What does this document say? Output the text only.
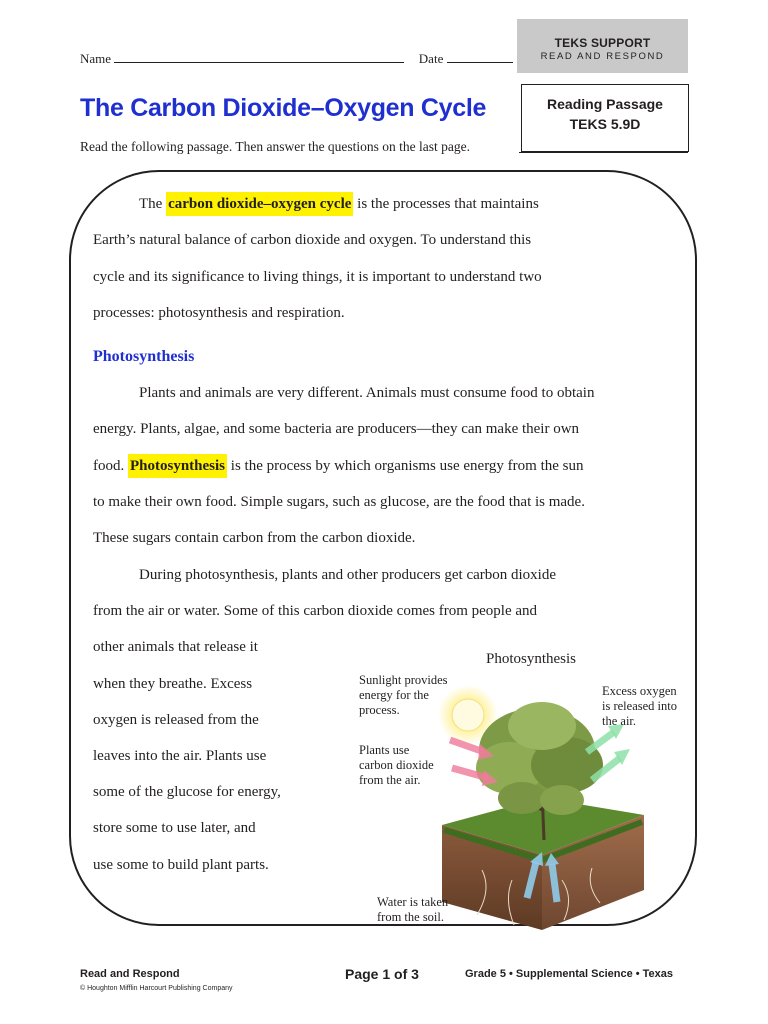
Name	Date
TEKS SUPPORT
READ AND RESPOND
Reading Passage
TEKS 5.9D
The Carbon Dioxide–Oxygen Cycle
Read the following passage. Then answer the questions on the last page.
The carbon dioxide–oxygen cycle is the processes that maintains
Earth’s natural balance of carbon dioxide and oxygen. To understand this
cycle and its significance to living things, it is important to understand two
processes: photosynthesis and respiration.
Photosynthesis
Plants and animals are very different. Animals must consume food to obtain
energy. Plants, algae, and some bacteria are producers—they can make their own
food. Photosynthesis is the process by which organisms use energy from the sun
to make their own food. Simple sugars, such as glucose, are the food that is made.
These sugars contain carbon from the carbon dioxide.
During photosynthesis, plants and other producers get carbon dioxide
from the air or water. Some of this carbon dioxide comes from people and
other animals that release it
when they breathe. Excess
oxygen is released from the
leaves into the air. Plants use
some of the glucose for energy,
store some to use later, and
use some to build plant parts.
Photosynthesis
Sunlight provides
energy for the
process.
Excess oxygen
is released into
the air.
Plants use
carbon dioxide
from the air.
Water is taken
from the soil.
Read and Respond
© Houghton Mifflin Harcourt Publishing Company
Page 1 of 3	Grade 5 • Supplemental Science • Texas
